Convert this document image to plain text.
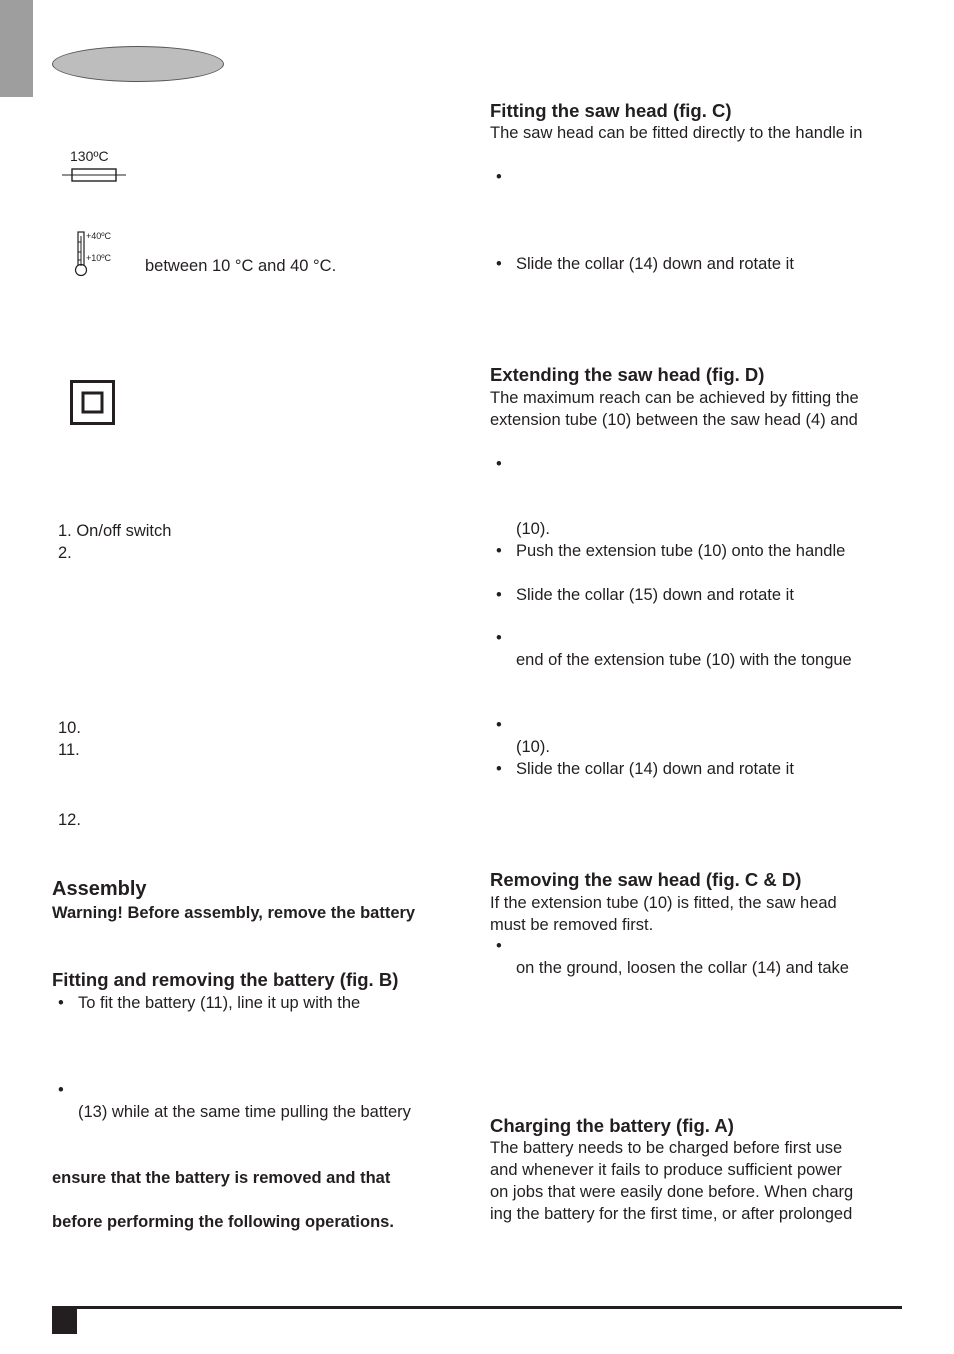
130ºC
+40ºC
+10ºC between 10 °C and 40 °C.
1. On/off switch
2.
10.
11.
12.
Assembly
Warning! Before assembly, remove the battery
Fitting and removing the battery (fig. B)
• To fit the battery (11), line it up with the
•
(13) while at the same time pulling the battery
ensure that the battery is removed and that
before performing the following operations.
Fitting the saw head (fig. C)
The saw head can be fitted directly to the handle in
•
• Slide the collar (14) down and rotate it
Extending the saw head (fig. D)
The maximum reach can be achieved by fitting the
extension tube (10) between the saw head (4) and
•
(10).
• Push the extension tube (10) onto the handle
• Slide the collar (15) down and rotate it
•
end of the extension tube (10) with the tongue
•
(10).
• Slide the collar (14) down and rotate it
Removing the saw head (fig. C & D)
If the extension tube (10) is fitted, the saw head
must be removed first.
•
on the ground, loosen the collar (14) and take
Charging the battery (fig. A)
The battery needs to be charged before first use
and whenever it fails to produce sufficient power
on jobs that were easily done before. When charg
ing the battery for the first time, or after prolonged
